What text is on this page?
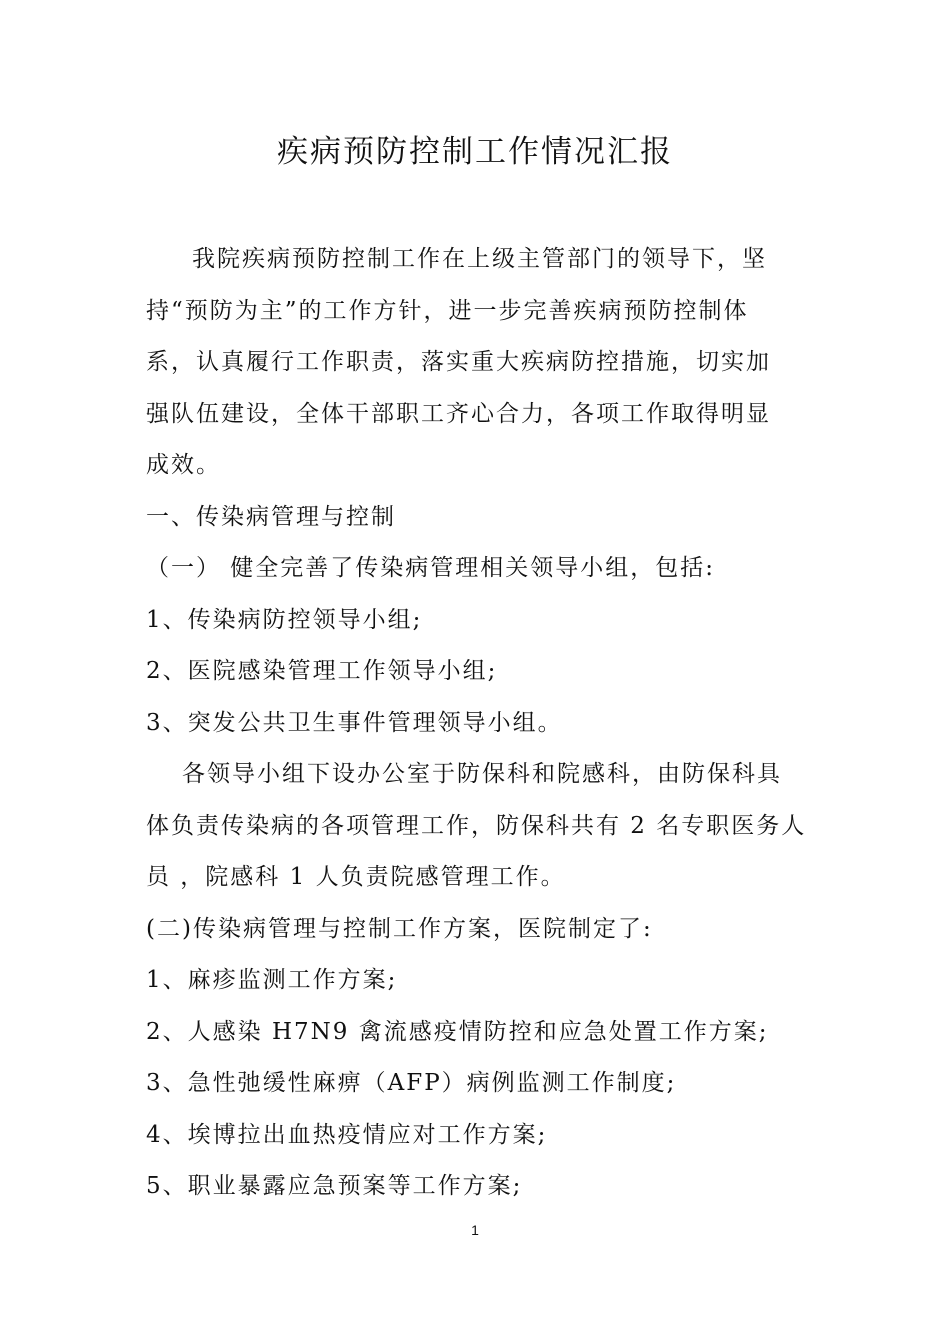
疾病预防控制工作情况汇报
我院疾病预防控制工作在上级主管部门的领导下，坚
持“预防为主”的工作方针，进一步完善疾病预防控制体
系，认真履行工作职责，落实重大疾病防控措施，切实加
强队伍建设，全体干部职工齐心合力，各项工作取得明显
成效。
一、传染病管理与控制
（一） 健全完善了传染病管理相关领导小组，包括:
1、传染病防控领导小组;
2、医院感染管理工作领导小组;
3、突发公共卫生事件管理领导小组。
各领导小组下设办公室于防保科和院感科，由防保科具
体负责传染病的各项管理工作，防保科共有 2 名专职医务人
员 ，院感科 1 人负责院感管理工作。
(二)传染病管理与控制工作方案，医院制定了:
1、麻疹监测工作方案;
2、人感染 H7N9 禽流感疫情防控和应急处置工作方案;
3、急性弛缓性麻痹（AFP）病例监测工作制度;
4、埃博拉出血热疫情应对工作方案;
5、职业暴露应急预案等工作方案;
1
